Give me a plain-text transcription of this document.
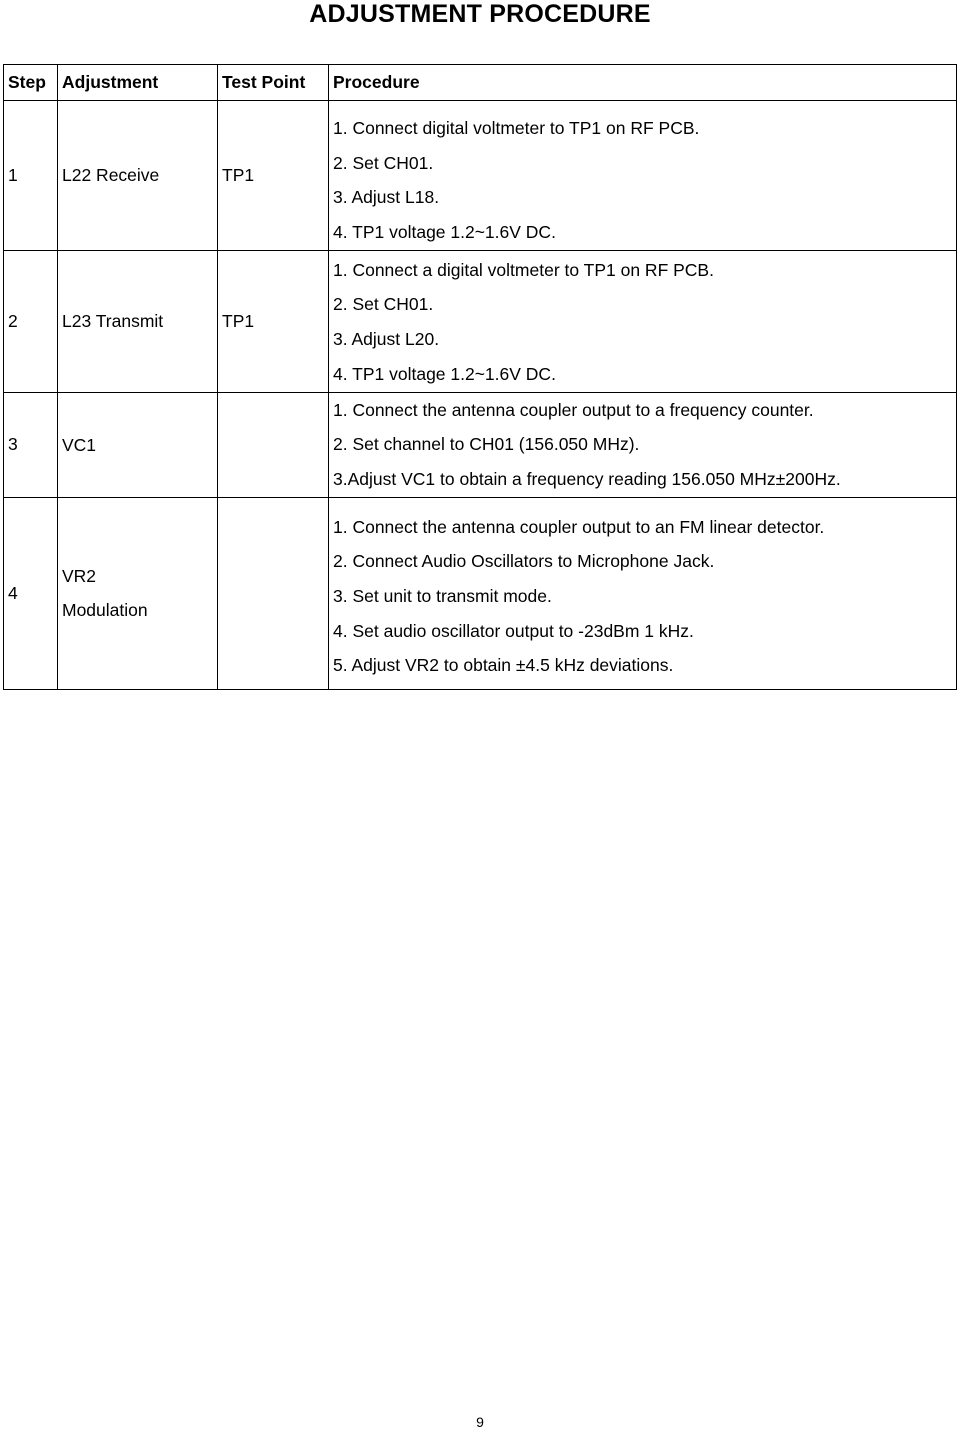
ADJUSTMENT PROCEDURE
Step	Adjustment	Test Point	Procedure
1	L22 Receive	TP1	1. Connect digital voltmeter to TP1 on RF PCB.
2. Set CH01.
3. Adjust L18.
4. TP1 voltage 1.2~1.6V DC.

2	L23 Transmit	TP1	1. Connect a digital voltmeter to TP1 on RF PCB.
2. Set CH01.
3. Adjust L20.
4. TP1 voltage 1.2~1.6V DC.

3	VC1		1. Connect the antenna coupler output to a frequency counter.
2. Set channel to CH01 (156.050 MHz).
3.Adjust VC1 to obtain a frequency reading 156.050 MHz±200Hz.

4	VR2
Modulation		1. Connect the antenna coupler output to an FM linear detector.
2. Connect Audio Oscillators to Microphone Jack.
3. Set unit to transmit mode.
4. Set audio oscillator output to -23dBm 1 kHz.
5. Adjust VR2 to obtain ±4.5 kHz deviations.
9
